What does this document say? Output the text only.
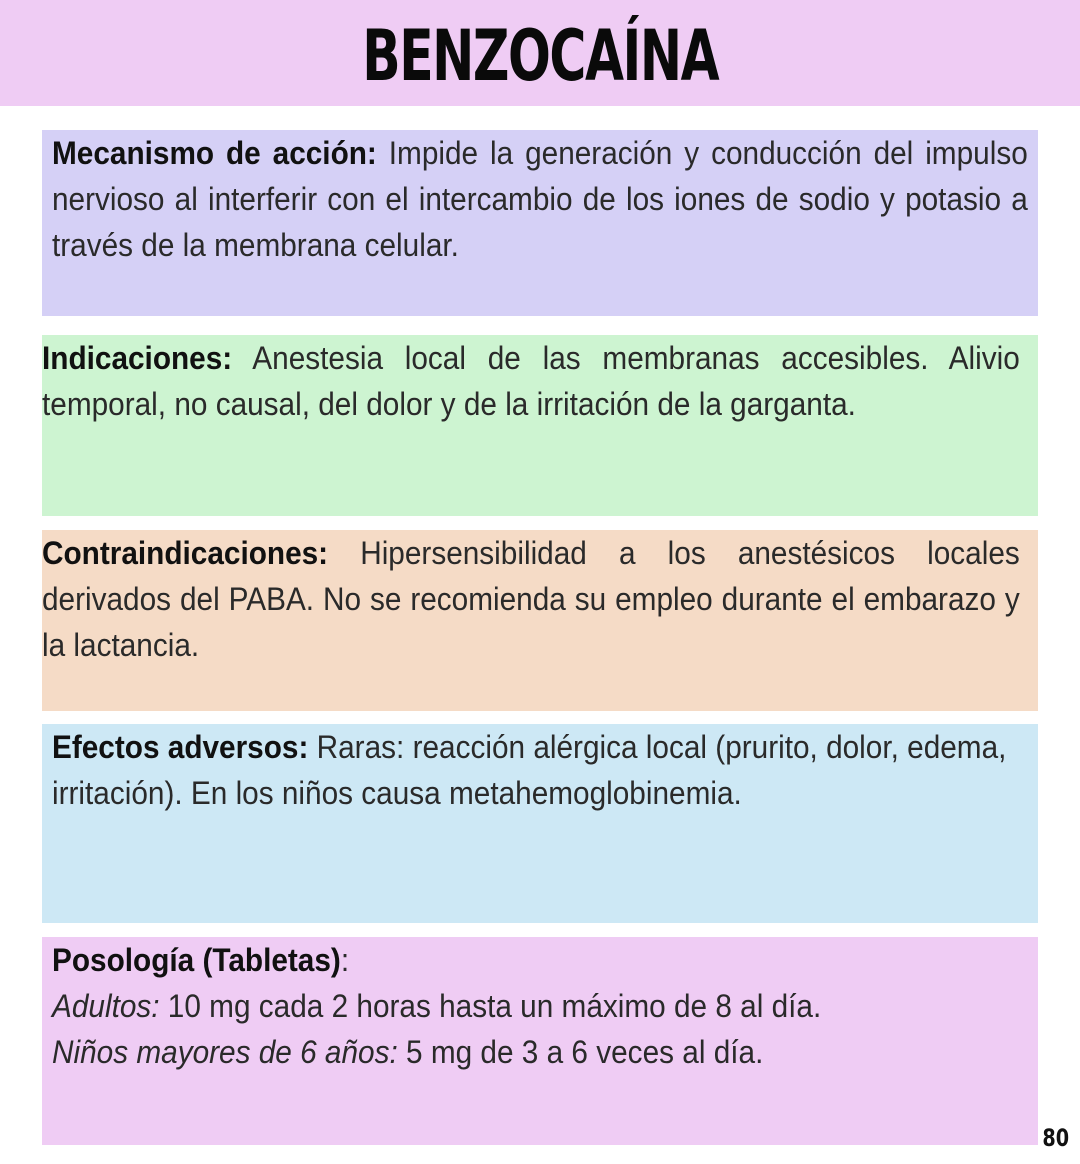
BENZOCAÍNA
Mecanismo de acción: Impide la generación y conducción del impulso nervioso al interferir con el intercambio de los iones de sodio y potasio a través de la membrana celular.
Indicaciones: Anestesia local de las membranas accesibles. Alivio temporal, no causal, del dolor y de la irritación de la garganta.
Contraindicaciones: Hipersensibilidad a los anestésicos locales derivados del PABA. No se recomienda su empleo durante el embarazo y la lactancia.
Efectos adversos: Raras: reacción alérgica local (prurito, dolor, edema, irritación). En los niños causa metahemoglobinemia.
Posología (Tabletas):
Adultos: 10 mg cada 2 horas hasta un máximo de 8 al día.
Niños mayores de 6 años: 5 mg de 3 a 6 veces al día.
80
